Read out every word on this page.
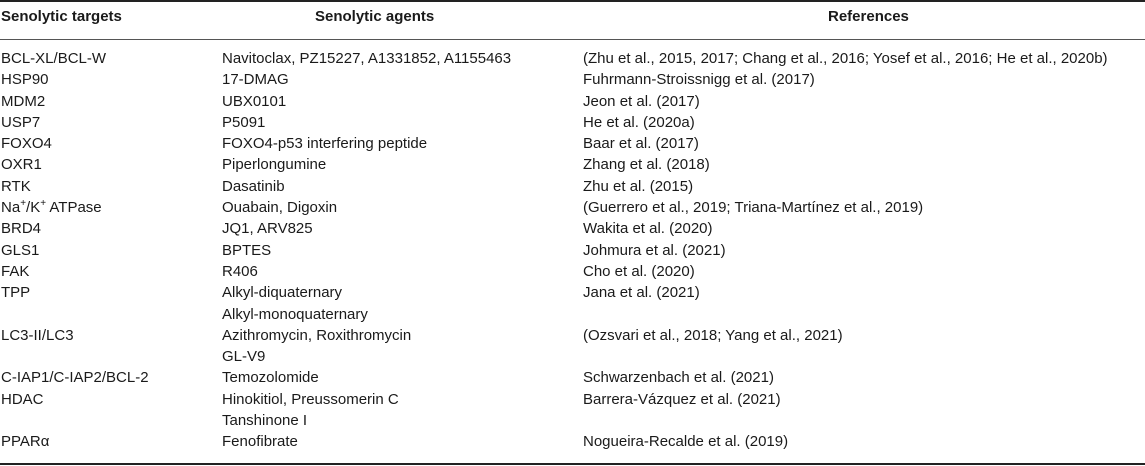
Senolytic targets	Senolytic agents	References
BCL-XL/BCL-W	Navitoclax, PZ15227, A1331852, A1155463	(Zhu et al., 2015, 2017; Chang et al., 2016; Yosef et al., 2016; He et al., 2020b)
HSP90	17-DMAG	Fuhrmann-Stroissnigg et al. (2017)
MDM2	UBX0101	Jeon et al. (2017)
USP7	P5091	He et al. (2020a)
FOXO4	FOXO4-p53 interfering peptide	Baar et al. (2017)
OXR1	Piperlongumine	Zhang et al. (2018)
RTK	Dasatinib	Zhu et al. (2015)
Na+/K+ ATPase	Ouabain, Digoxin	(Guerrero et al., 2019; Triana-Martínez et al., 2019)
BRD4	JQ1, ARV825	Wakita et al. (2020)
GLS1	BPTES	Johmura et al. (2021)
FAK	R406	Cho et al. (2020)
TPP	Alkyl-diquaternary	Jana et al. (2021)
Alkyl-monoquaternary
LC3-II/LC3	Azithromycin, Roxithromycin	(Ozsvari et al., 2018; Yang et al., 2021)
GL-V9
C-IAP1/C-IAP2/BCL-2	Temozolomide	Schwarzenbach et al. (2021)
HDAC	Hinokitiol, Preussomerin C	Barrera-Vázquez et al. (2021)
Tanshinone I
PPARα	Fenofibrate	Nogueira-Recalde et al. (2019)
